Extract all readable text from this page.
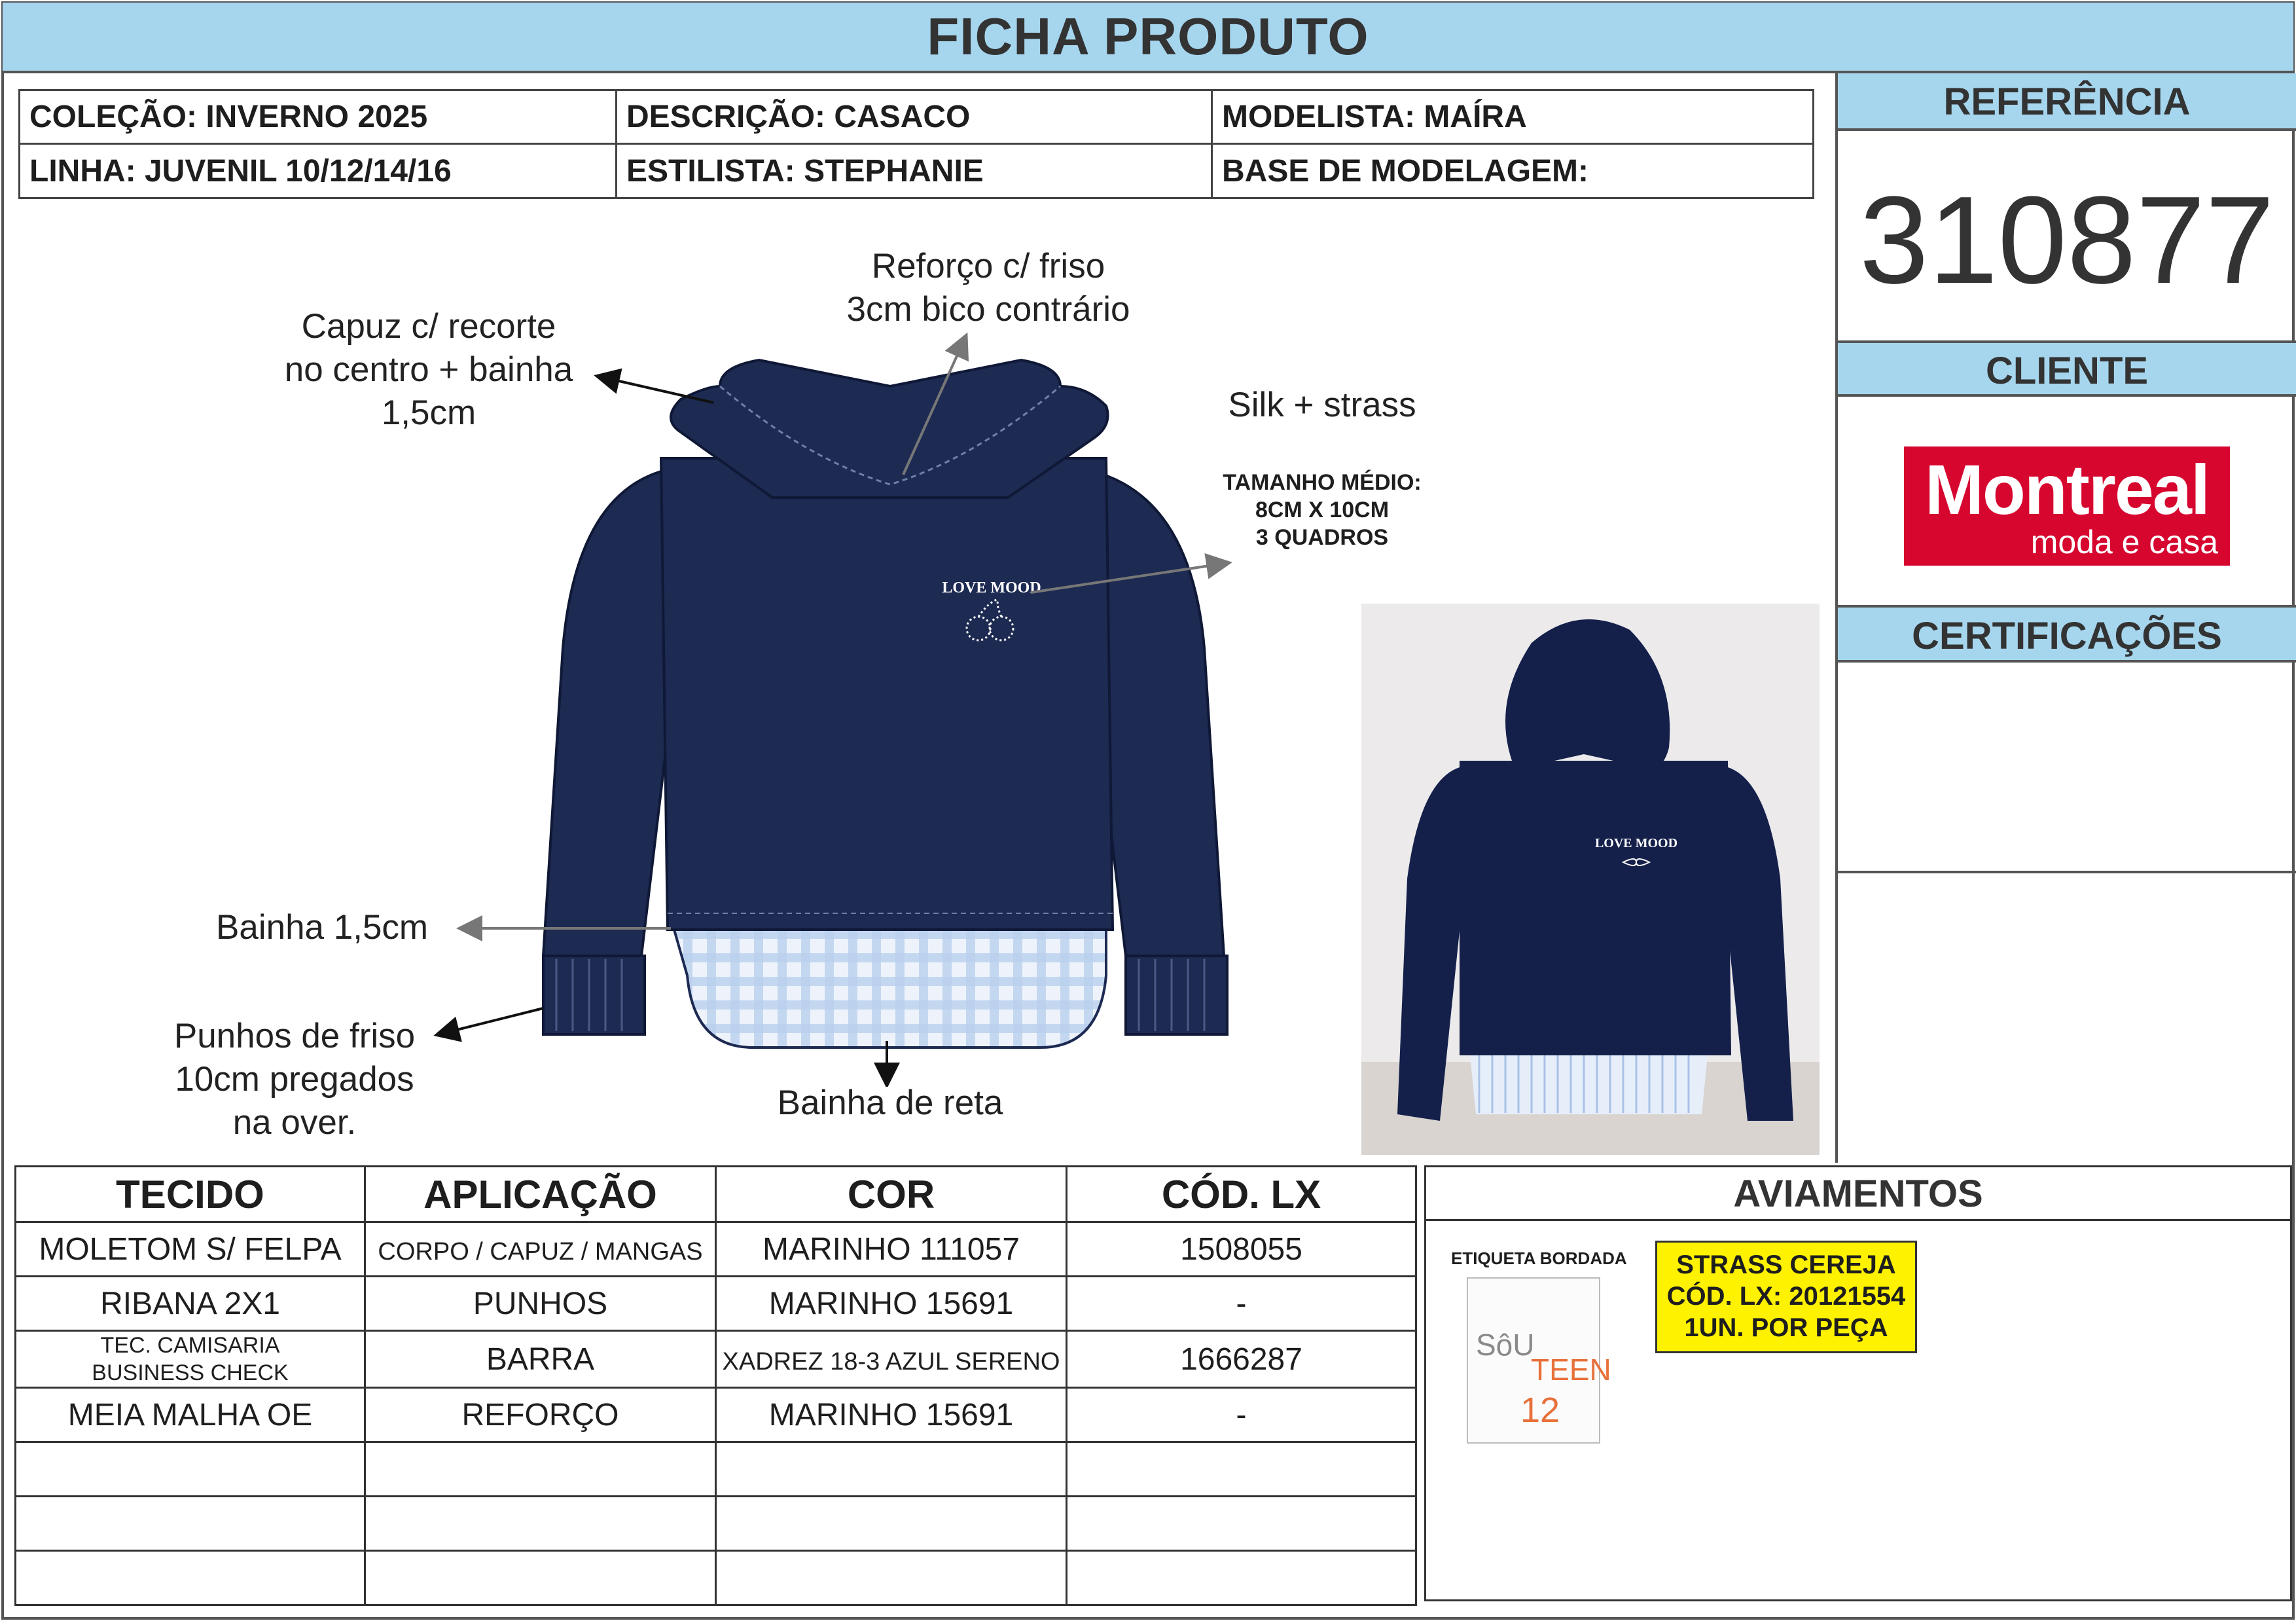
FICHA PRODUTO
COLEÇÃO: INVERNO 2025	DESCRIÇÃO: CASACO	MODELISTA: MAÍRA
LINHA: JUVENIL 10/12/14/16	ESTILISTA: STEPHANIE	BASE DE MODELAGEM:
REFERÊNCIA
310877
CLIENTE
Montreal
moda e casa
CERTIFICAÇÕES
LOVE MOOD
Reforço c/ friso
3cm bico contrário
Capuz c/ recorte
no centro + bainha
1,5cm	Silk + strass
TAMANHO MÉDIO:
8CM X 10CM
3 QUADROS
Bainha 1,5cm
Punhos de friso
10cm pregados
na over.
Bainha de reta
LOVE MOOD
TECIDO	APLICAÇÃO	COR	CÓD. LX
MOLETOM S/ FELPA	CORPO / CAPUZ / MANGAS	MARINHO 111057	1508055
RIBANA 2X1	PUNHOS	MARINHO 15691	-

TEC. CAMISARIA BUSINESS CHECK	BARRA	XADREZ 18-3 AZUL SERENO	1666287
MEIA MALHA OE	REFORÇO	MARINHO 15691	-

AVIAMENTOS
ETIQUETA BORDADA
SôU
TEEN
12
STRASS CEREJA
CÓD. LX: 20121554
1UN. POR PEÇA
